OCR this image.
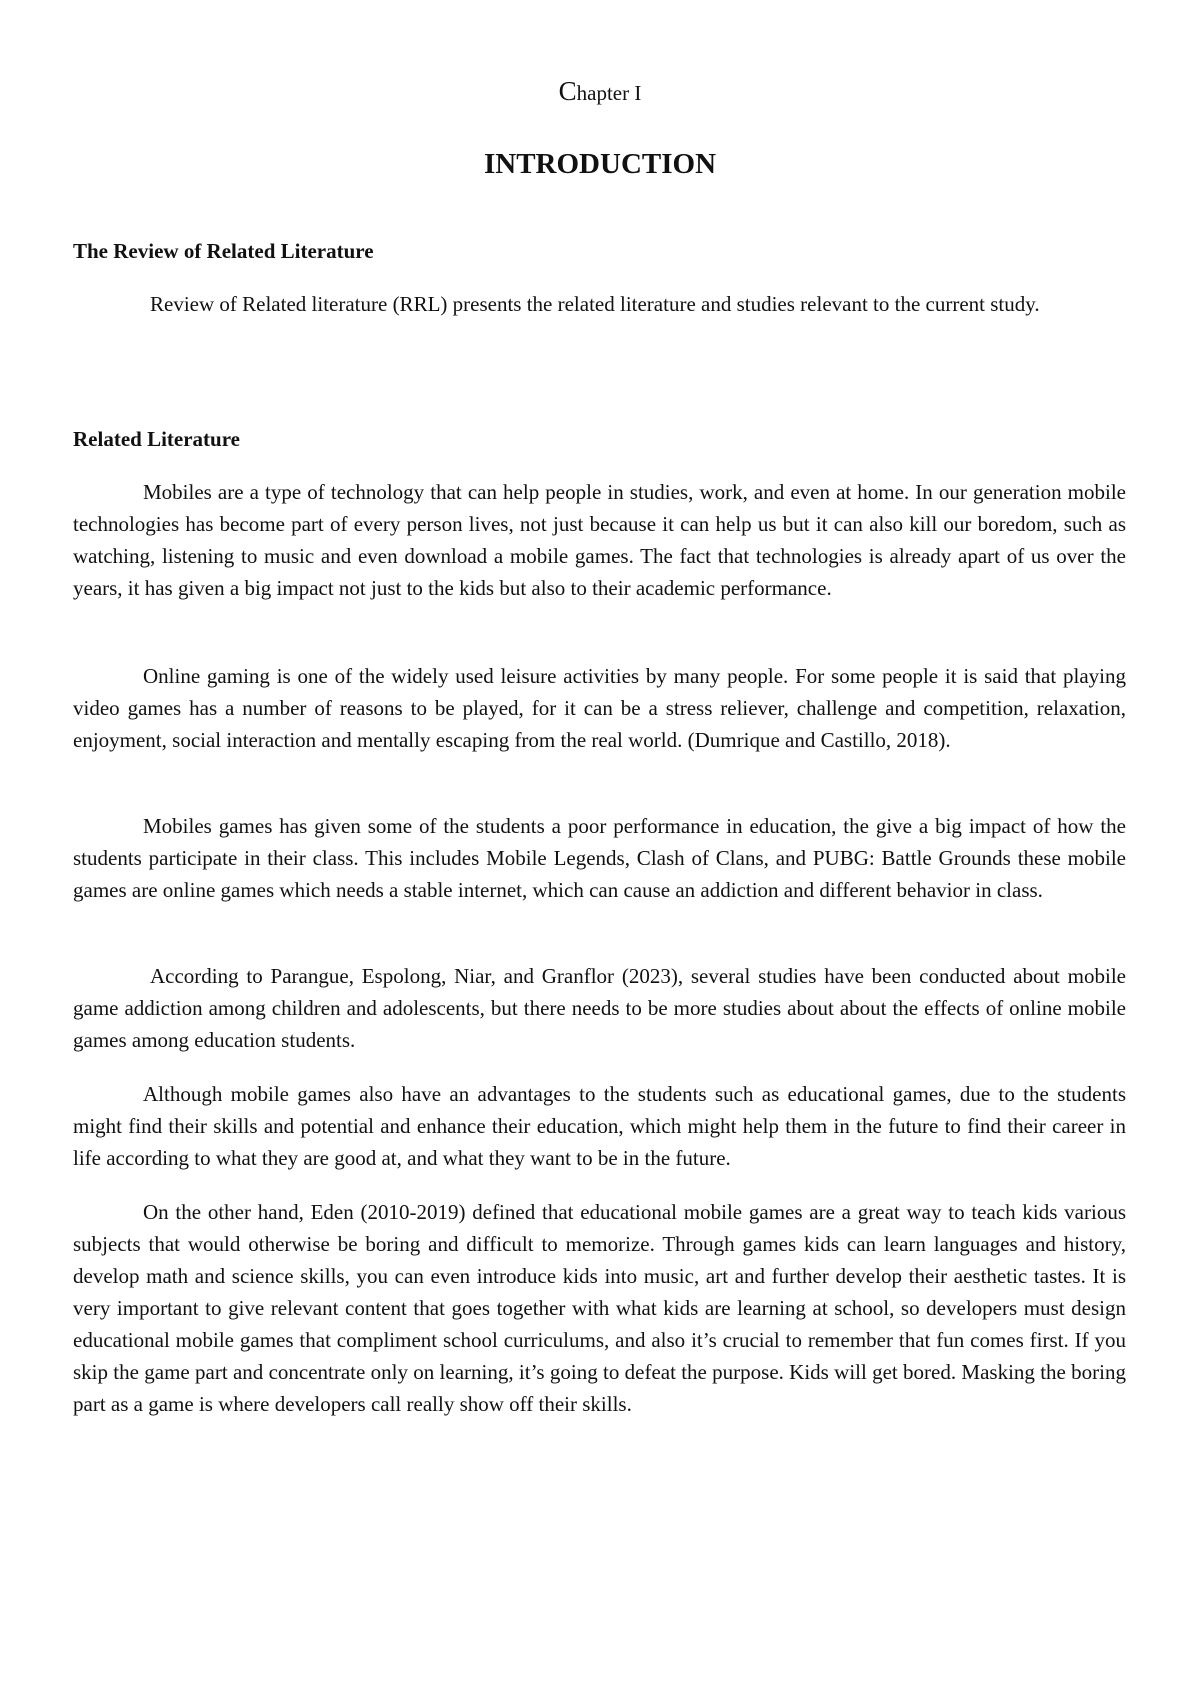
Chapter I
INTRODUCTION
The Review of Related Literature

Review of Related literature (RRL) presents the related literature and studies relevant to the current study.

Related Literature

Mobiles are a type of technology that can help people in studies, work, and even at home. In our generation mobile technologies has become part of every person lives, not just because it can help us but it can also kill our boredom, such as watching, listening to music and even download a mobile games. The fact that technologies is already apart of us over the years, it has given a big impact not just to the kids but also to their academic performance.

Online gaming is one of the widely used leisure activities by many people. For some people it is said that playing video games has a number of reasons to be played, for it can be a stress reliever, challenge and competition, relaxation, enjoyment, social interaction and mentally escaping from the real world. (Dumrique and Castillo, 2018).

Mobiles games has given some of the students a poor performance in education, the give a big impact of how the students participate in their class. This includes Mobile Legends, Clash of Clans, and PUBG: Battle Grounds these mobile games are online games which needs a stable internet, which can cause an addiction and different behavior in class.

According to Parangue, Espolong, Niar, and Granflor (2023), several studies have been conducted about mobile game addiction among children and adolescents, but there needs to be more studies about about the effects of online mobile games among education students.

Although mobile games also have an advantages to the students such as educational games, due to the students might find their skills and potential and enhance their education, which might help them in the future to find their career in life according to what they are good at, and what they want to be in the future.

On the other hand, Eden (2010-2019) defined that educational mobile games are a great way to teach kids various subjects that would otherwise be boring and difficult to memorize. Through games kids can learn languages and history, develop math and science skills, you can even introduce kids into music, art and further develop their aesthetic tastes. It is very important to give relevant content that goes together with what kids are learning at school, so developers must design educational mobile games that compliment school curriculums, and also it’s crucial to remember that fun comes first. If you skip the game part and concentrate only on learning, it’s going to defeat the purpose. Kids will get bored. Masking the boring part as a game is where developers call really show off their skills.
